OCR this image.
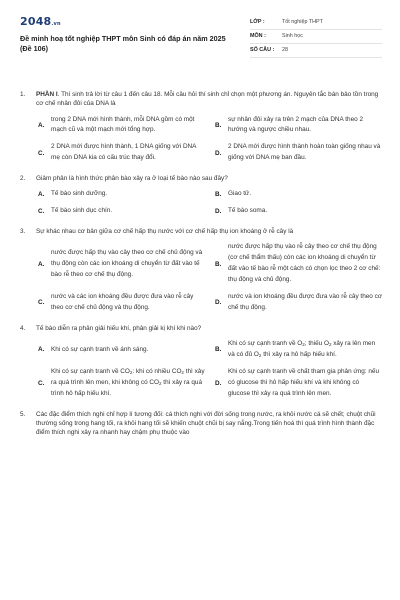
2048.vn
Đề minh hoạ tốt nghiệp THPT môn Sinh có đáp án năm 2025 (Đề 106)
LỚP :	Tốt nghiệp THPT
MÔN :	Sinh học
SỐ CÂU :	28
1.	PHẦN I. Thí sinh trả lời từ câu 1 đến câu 18. Mỗi câu hỏi thí sinh chỉ chọn một phương án. Nguyên tắc bán bảo tồn trong cơ chế nhân đôi của DNA là
A.
trong 2 DNA mới hình thành, mỗi DNA gồm có một mạch cũ và một mạch mới tổng hợp.
B.
sự nhân đôi xảy ra trên 2 mạch của DNA theo 2 hướng và ngược chiều nhau.
C.
2 DNA mới được hình thành, 1 DNA giống với DNA mẹ còn DNA kia có cấu trúc thay đổi.
D.
2 DNA mới được hình thành hoàn toàn giống nhau và giống với DNA mẹ ban đầu.
2.	Giảm phân là hình thức phân bào xảy ra ở loại tế bào nào sau đây?
A.	Tế bào sinh dưỡng.	B.	Giao tử.
C.	Tế bào sinh dục chín.	D.	Tế bào soma.
3.	Sự khác nhau cơ bản giữa cơ chế hấp thụ nước với cơ chế hấp thụ ion khoáng ở rễ cây là
A.
nước được hấp thụ vào cây theo cơ chế chủ động và thụ động còn các ion khoáng di chuyển từ đất vào tế bào rễ theo cơ chế thụ động.
B.
nước được hấp thụ vào rễ cây theo cơ chế thụ động (cơ chế thẩm thấu) còn các ion khoáng di chuyển từ đất vào tế bào rễ một cách có chọn lọc theo 2 cơ chế: thụ động và chủ động.
C.
nước và các ion khoáng đều được đưa vào rễ cây theo cơ chế chủ động và thụ động.
D.
nước và ion khoáng đều được đưa vào rễ cây theo cơ chế thụ động.
4.	Tế bào diễn ra phân giải hiếu khí, phân giải kị khí khi nào?
A.	Khi có sự cạnh tranh về ánh sáng.	B.
Khi có sự cạnh tranh về O2; thiếu O2 xảy ra lên men và có đủ O2 thì xảy ra hô hấp hiếu khí.
C.
Khi có sự cạnh tranh về CO2: khi có nhiều CO2 thì xảy ra quá trình lên men, khi không có CO2 thì xảy ra quá trình hô hấp hiếu khí.
D.
Khi có sự cạnh tranh về chất tham gia phản ứng: nếu có glucose thì hô hấp hiếu khí và khi không có glucose thì xảy ra quá trình lên men.
5.	Các đặc điểm thích nghi chỉ hợp lí tương đối: cá thích nghi với đời sống trong nước, ra khỏi nước cá sẽ chết; chuột chũi thường sống trong hang tối, ra khỏi hang tối sẽ khiến chuột chũi bị say nắng.Trong tiến hoá thì quá trình hình thành đặc điểm thích nghi xảy ra nhanh hay chậm phụ thuộc vào
